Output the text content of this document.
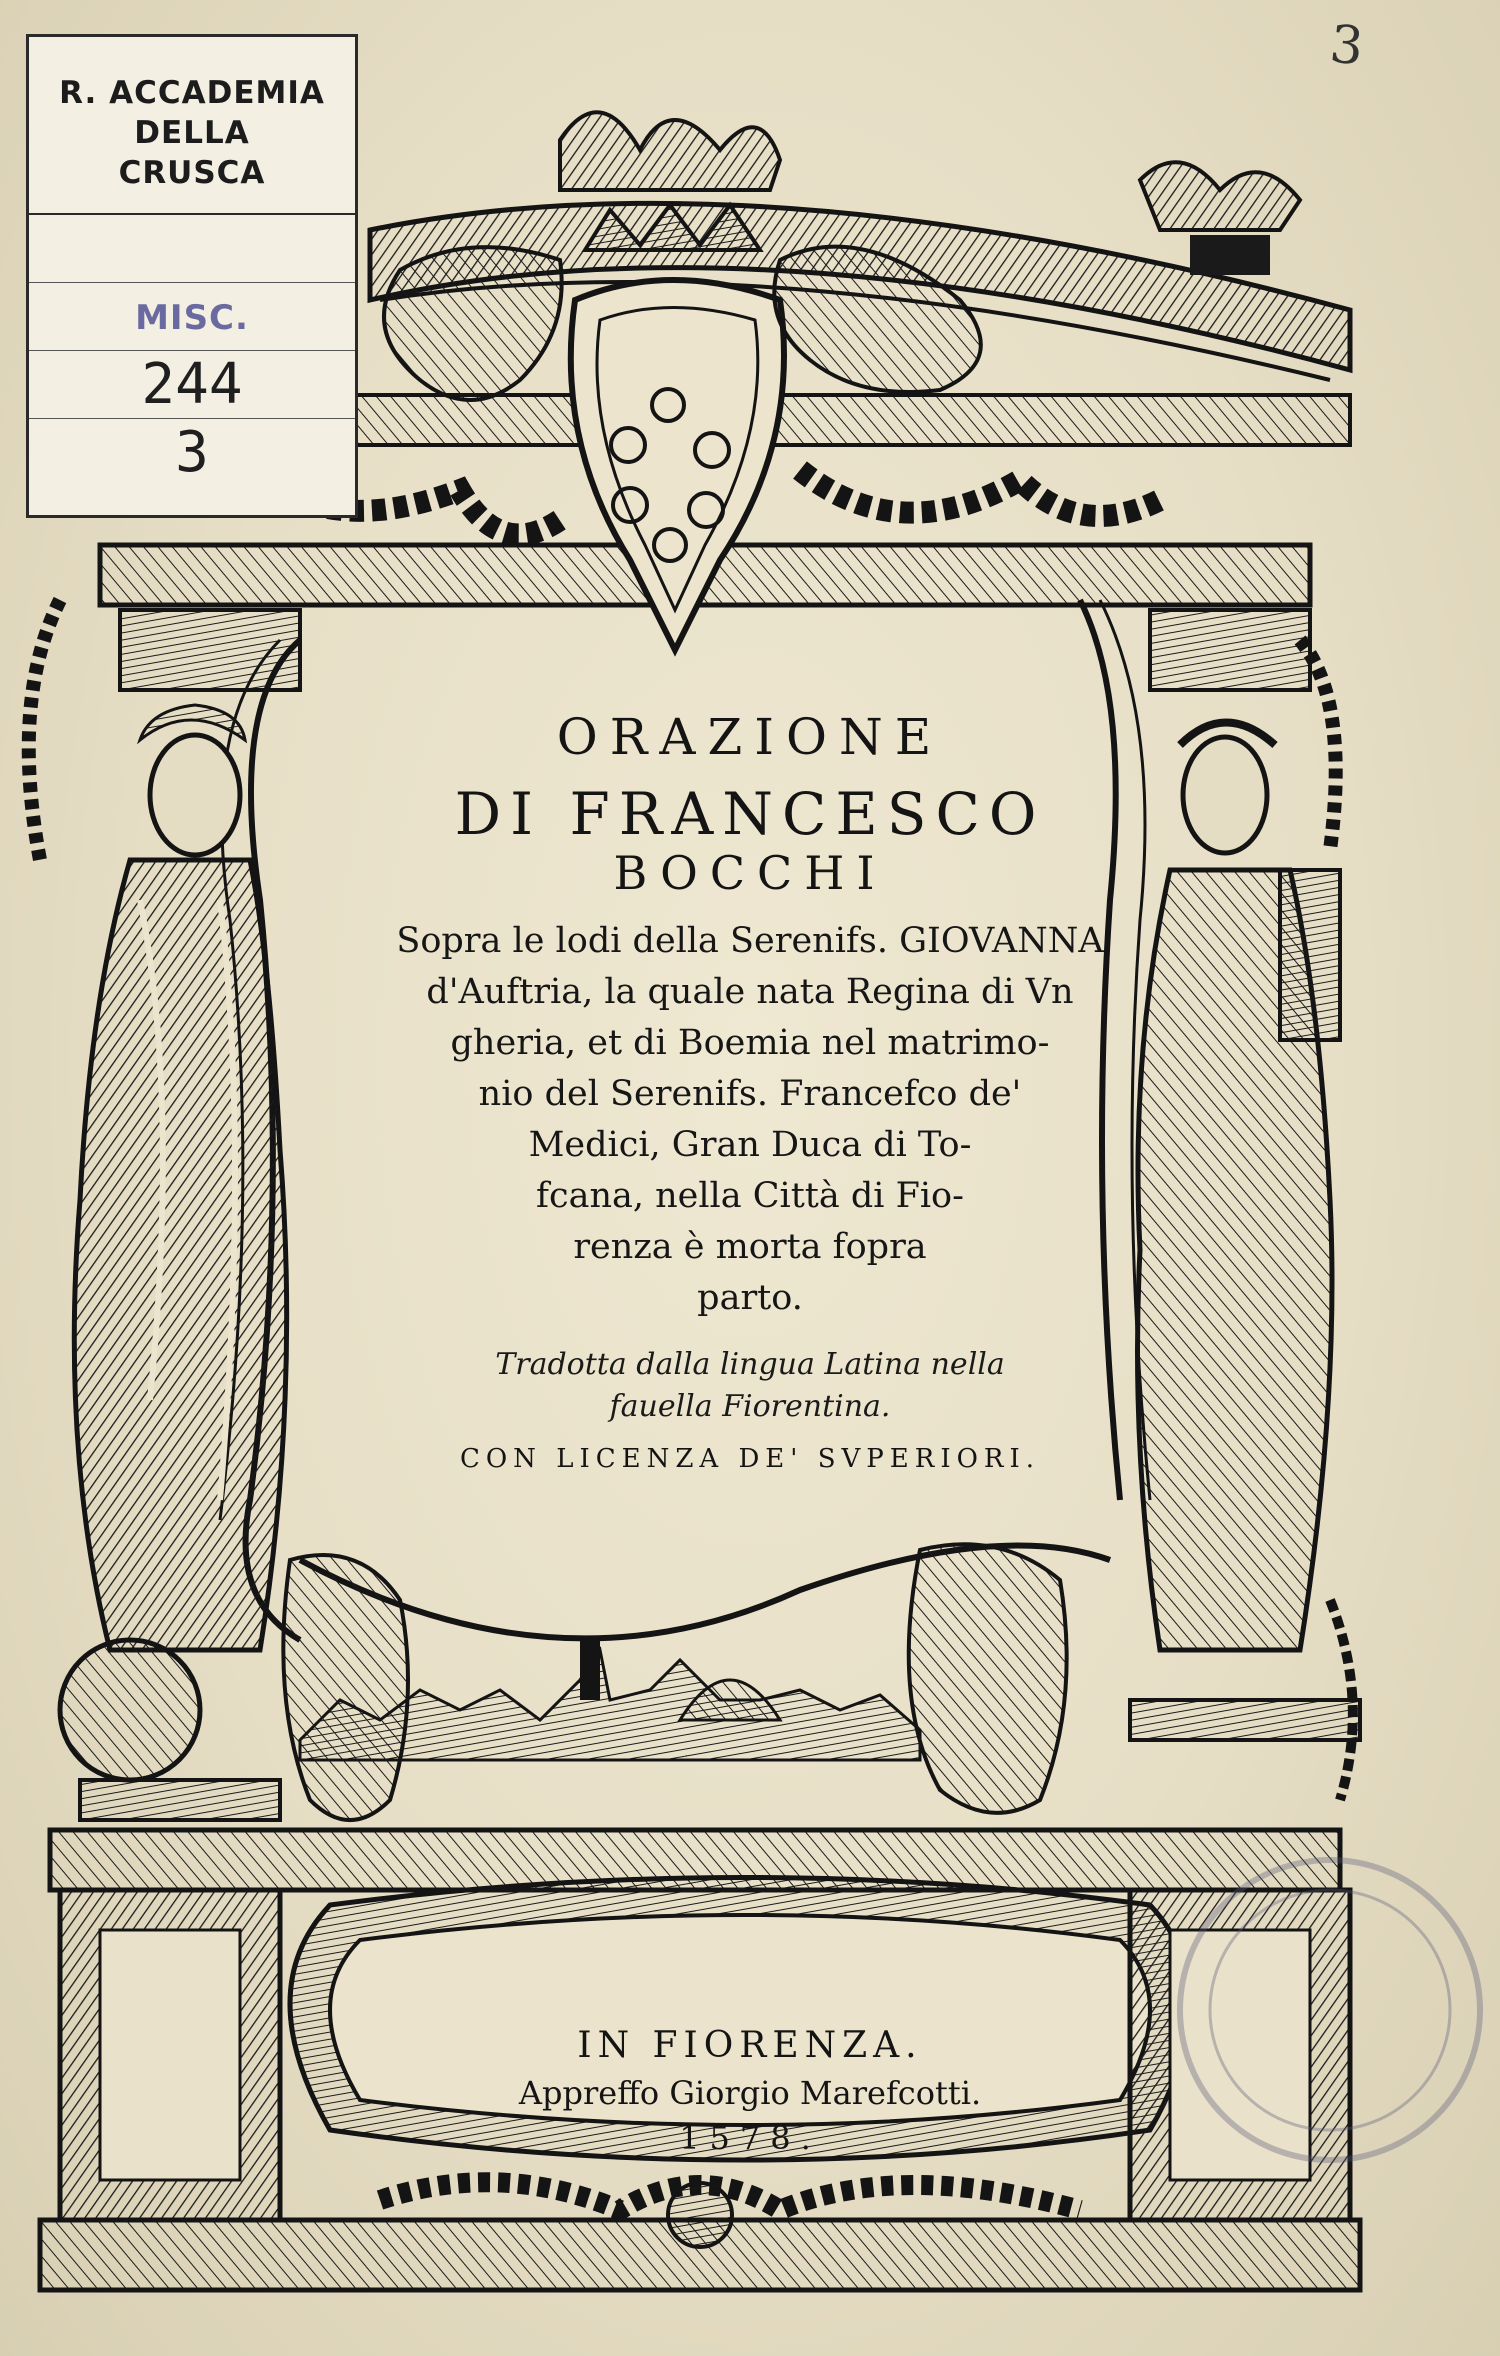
R. ACCADEMIA
DELLA
CRUSCA
MISC.
244
3
3
ORAZIONE
DI FRANCESCO
BOCCHI
Sopra le lodi della Serenifs. GIOVANNA
d'Auftria, la quale nata Regina di Vn
gheria, et di Boemia nel matrimo-
nio del Serenifs. Francefco de'
Medici, Gran Duca di To-
fcana, nella Città di Fio-
renza è morta fopra
parto.
Tradotta dalla lingua Latina nella
fauella Fiorentina.
CON LICENZA DE' SVPERIORI.
IN FIORENZA.
Appreffo Giorgio Marefcotti.
1578.
